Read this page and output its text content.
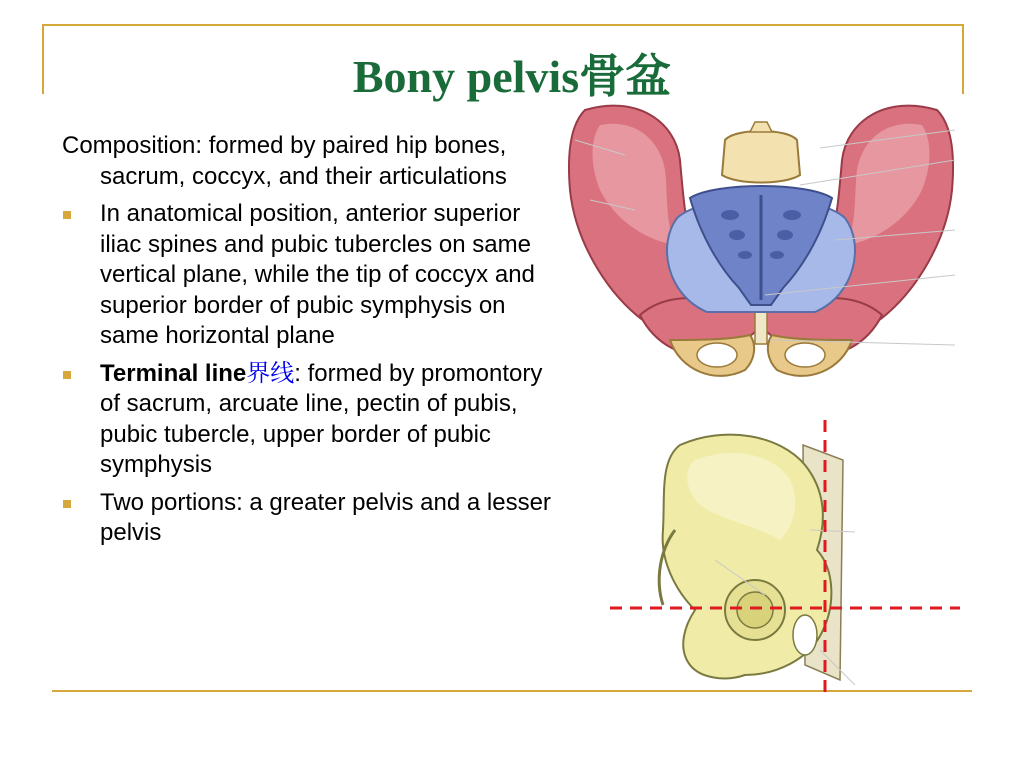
Bony pelvis骨盆
Composition: formed by paired hip bones, sacrum, coccyx, and their articulations
In anatomical position, anterior superior iliac spines and pubic tubercles on same vertical plane, while the tip of coccyx and superior border of pubic symphysis on same horizontal plane
Terminal line界线: formed by promontory of sacrum, arcuate line, pectin of pubis, pubic tubercle, upper border of pubic symphysis
Two portions: a greater pelvis and a lesser pelvis
